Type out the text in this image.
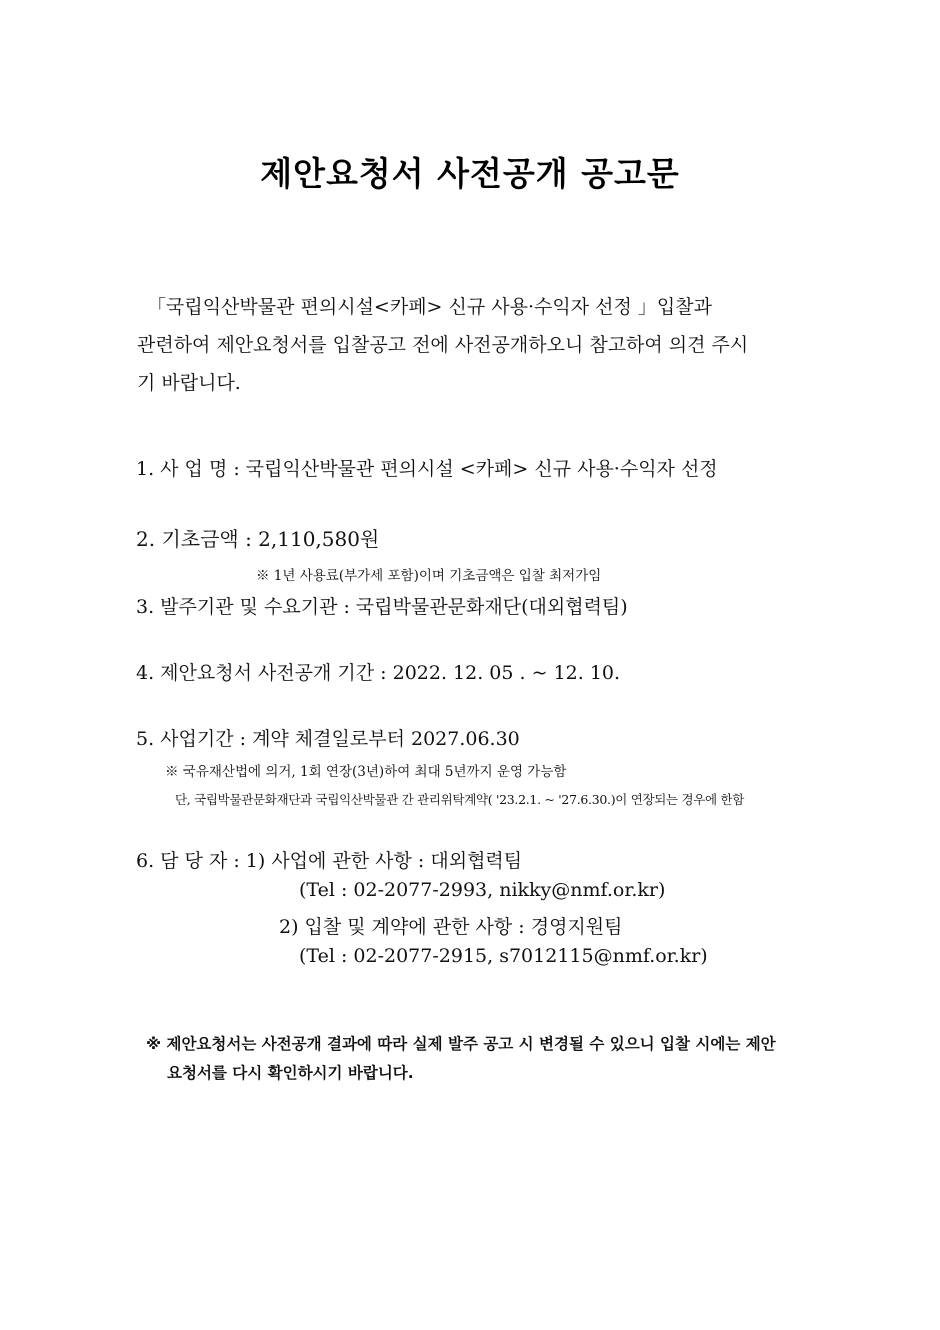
제안요청서 사전공개 공고문
「국립익산박물관 편의시설<카페> 신규 사용·수익자 선정 」입찰과
관련하여 제안요청서를 입찰공고 전에 사전공개하오니 참고하여 의견 주시
기 바랍니다.
1. 사 업 명 : 국립익산박물관 편의시설 <카페> 신규 사용·수익자 선정
2. 기초금액 : 2,110,580원
※ 1년 사용료(부가세 포함)이며 기초금액은 입찰 최저가임
3. 발주기관 및 수요기관 : 국립박물관문화재단(대외협력팀)
4. 제안요청서 사전공개 기간 : 2022. 12. 05 . ~ 12. 10.
5. 사업기간 : 계약 체결일로부터 2027.06.30
※ 국유재산법에 의거, 1회 연장(3년)하여 최대 5년까지 운영 가능함
단, 국립박물관문화재단과 국립익산박물관 간 관리위탁계약( '23.2.1. ~ '27.6.30.)이 연장되는 경우에 한함
6. 담 당 자 : 1) 사업에 관한 사항 : 대외협력팀
(Tel : 02-2077-2993, nikky@nmf.or.kr)
2) 입찰 및 계약에 관한 사항 : 경영지원팀
(Tel : 02-2077-2915, s7012115@nmf.or.kr)
※ 제안요청서는 사전공개 결과에 따라 실제 발주 공고 시 변경될 수 있으니 입찰 시에는 제안
요청서를 다시 확인하시기 바랍니다.
